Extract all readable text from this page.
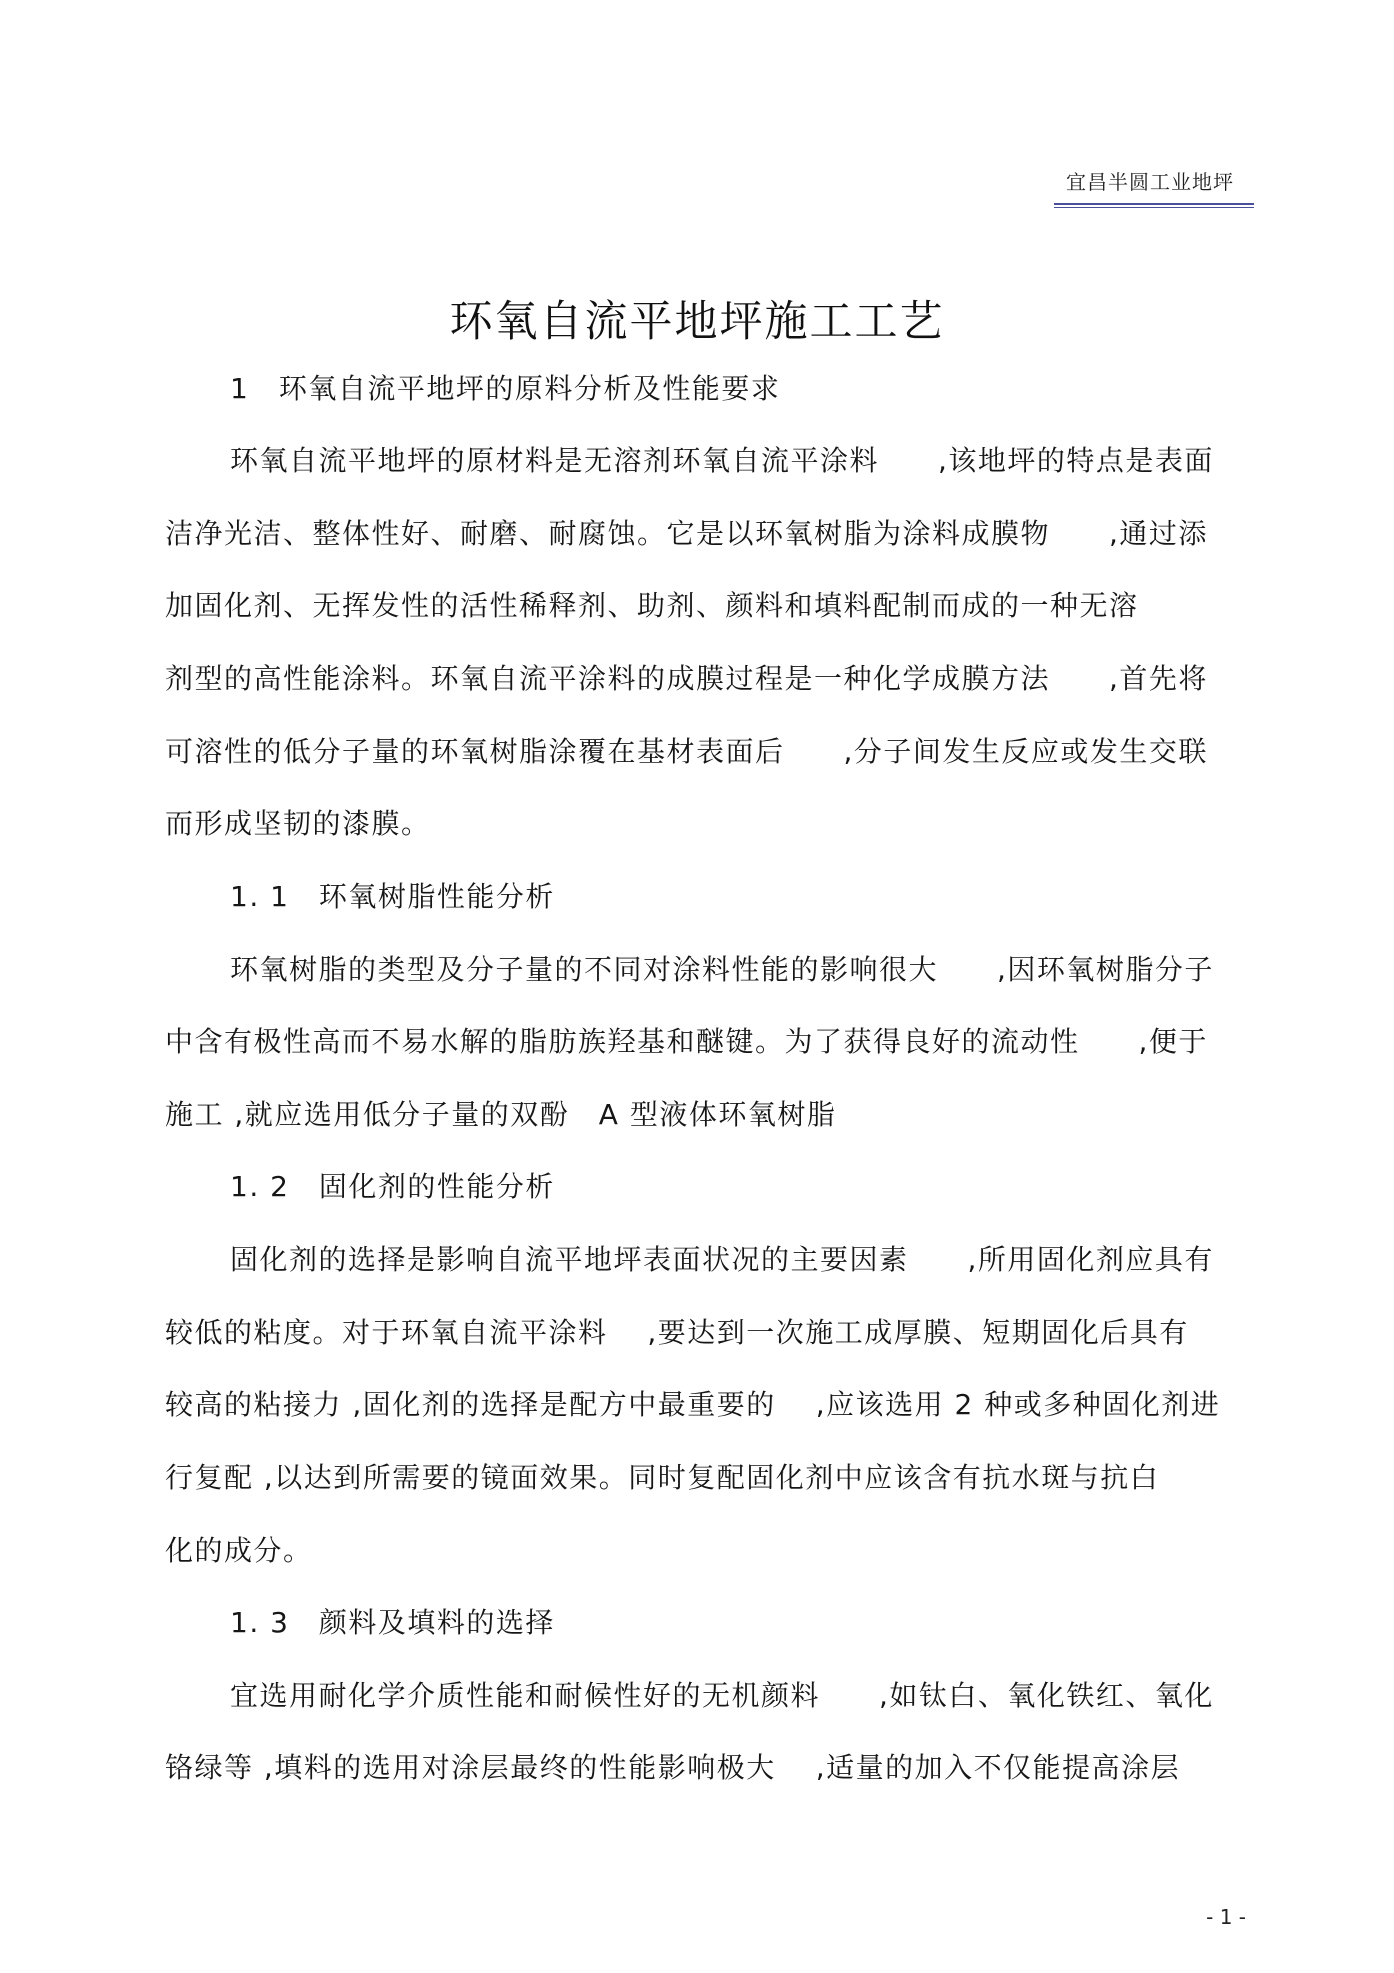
宜昌半圆工业地坪
环氧自流平地坪施工工艺
1　环氧自流平地坪的原料分析及性能要求
环氧自流平地坪的原材料是无溶剂环氧自流平涂料　　,该地坪的特点是表面
洁净光洁、整体性好、耐磨、耐腐蚀。它是以环氧树脂为涂料成膜物　　,通过添
加固化剂、无挥发性的活性稀释剂、助剂、颜料和填料配制而成的一种无溶
剂型的高性能涂料。环氧自流平涂料的成膜过程是一种化学成膜方法　　,首先将
可溶性的低分子量的环氧树脂涂覆在基材表面后　　,分子间发生反应或发生交联
而形成坚韧的漆膜。
1. 1　环氧树脂性能分析
环氧树脂的类型及分子量的不同对涂料性能的影响很大　　,因环氧树脂分子
中含有极性高而不易水解的脂肪族羟基和醚键。为了获得良好的流动性　　,便于
施工 ,就应选用低分子量的双酚　A 型液体环氧树脂
1. 2　固化剂的性能分析
固化剂的选择是影响自流平地坪表面状况的主要因素　　,所用固化剂应具有
较低的粘度。对于环氧自流平涂料　 ,要达到一次施工成厚膜、短期固化后具有
较高的粘接力 ,固化剂的选择是配方中最重要的　 ,应该选用 2 种或多种固化剂进
行复配 ,以达到所需要的镜面效果。同时复配固化剂中应该含有抗水斑与抗白
化的成分。
1. 3　颜料及填料的选择
宜选用耐化学介质性能和耐候性好的无机颜料　　,如钛白、氧化铁红、氧化
铬绿等 ,填料的选用对涂层最终的性能影响极大　 ,适量的加入不仅能提高涂层
- 1 -
